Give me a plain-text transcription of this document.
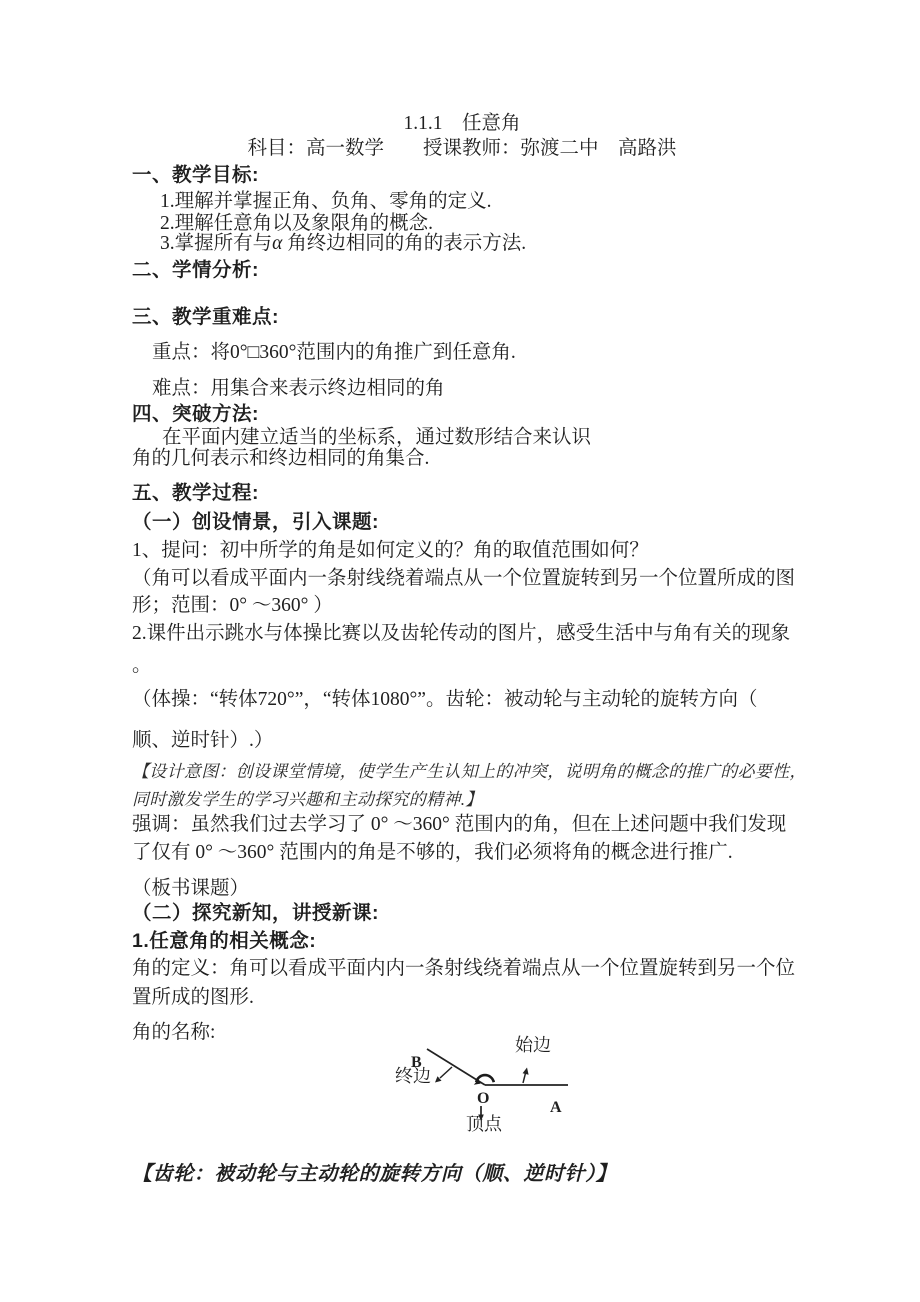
1.1.1　任意角
科目：高一数学　　授课教师：弥渡二中　高路洪
一、教学目标:
1.理解并掌握正角、负角、零角的定义.
2.理解任意角以及象限角的概念.
3.掌握所有与α 角终边相同的角的表示方法.
二、学情分析:
三、教学重难点:
重点：将0°□360°范围内的角推广到任意角.
难点：用集合来表示终边相同的角
四、突破方法:
在平面内建立适当的坐标系，通过数形结合来认识
角的几何表示和终边相同的角集合.
五、教学过程:
（一）创设情景，引入课题:
1、提问：初中所学的角是如何定义的？角的取值范围如何？
（角可以看成平面内一条射线绕着端点从一个位置旋转到另一个位置所成的图
形；范围：0° ～360° ）
2.课件出示跳水与体操比赛以及齿轮传动的图片，感受生活中与角有关的现象
。
（体操：“转体720°”，“转体1080°”。齿轮：被动轮与主动轮的旋转方向（
顺、逆时针）.）
【设计意图：创设课堂情境，使学生产生认知上的冲突，说明角的概念的推广的必要性，
同时激发学生的学习兴趣和主动探究的精神.】
强调：虽然我们过去学习了 0° ～360° 范围内的角，但在上述问题中我们发现
了仅有 0° ～360° 范围内的角是不够的，我们必须将角的概念进行推广.
（板书课题）
（二）探究新知，讲授新课:
1.任意角的相关概念:
角的定义：角可以看成平面内内一条射线绕着端点从一个位置旋转到另一个位
置所成的图形.
角的名称:
始边
终边
顶点
B
O
A
【齿轮：被动轮与主动轮的旋转方向（顺、逆时针）】
